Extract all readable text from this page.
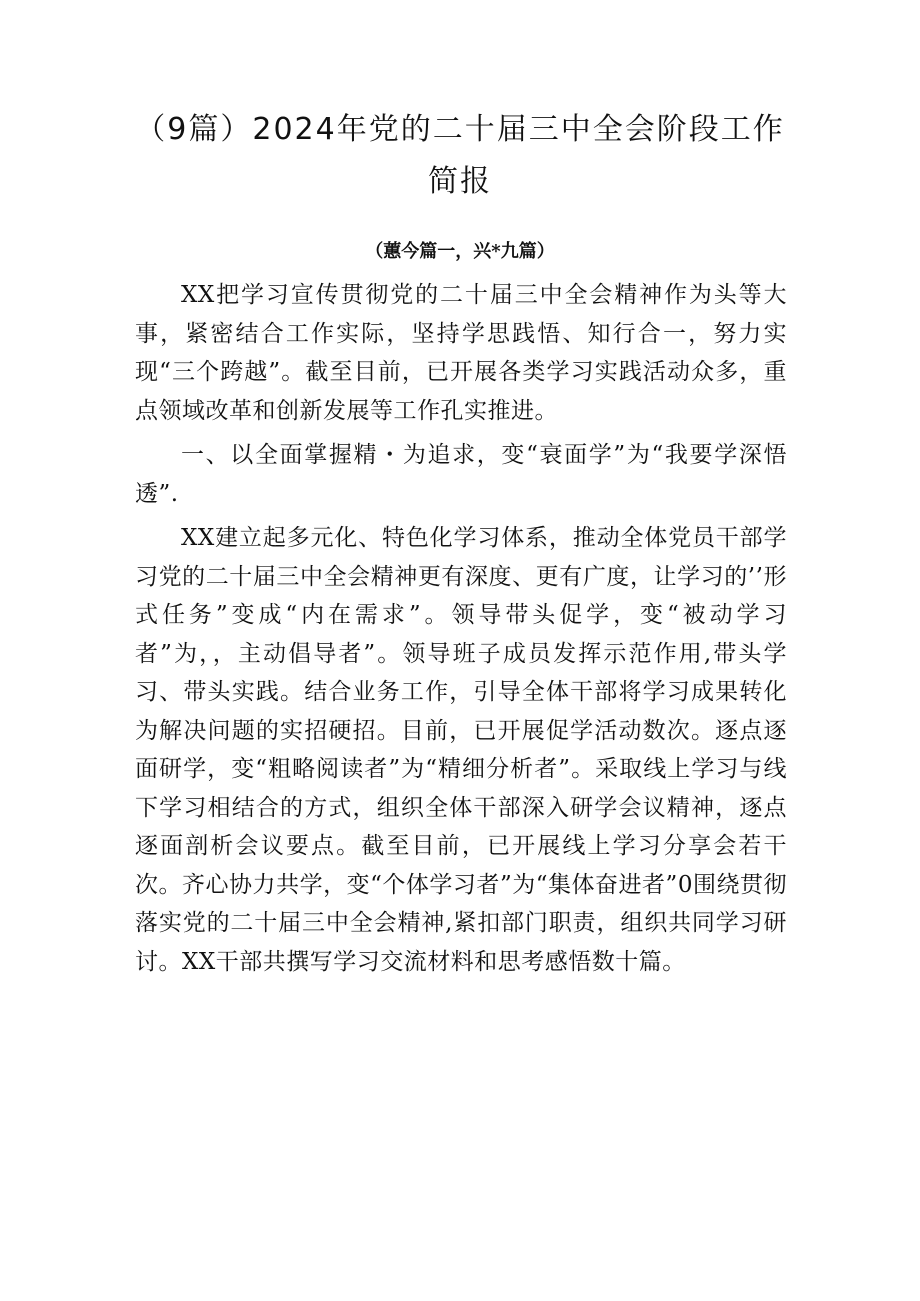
（9篇）2024年党的二十届三中全会阶段工作简报

（蕙今篇一，兴*九篇）

XX把学习宣传贯彻党的二十届三中全会精神作为头等大事，紧密结合工作实际，坚持学思践悟、知行合一，努力实现“三个跨越”。截至目前，已开展各类学习实践活动众多，重点领域改革和创新发展等工作孔实推进。

一、以全面掌握精・为追求，变“衰面学”为“我要学深悟透”.

XX建立起多元化、特色化学习体系，推动全体党员干部学习党的二十届三中全会精神更有深度、更有广度，让学习的’’形式任务”变成“内在需求”。领导带头促学，变“被动学习者”为，，主动倡导者”。领导班子成员发挥示范作用,带头学习、带头实践。结合业务工作，引导全体干部将学习成果转化为解决问题的实招硬招。目前，已开展促学活动数次。逐点逐面研学，变“粗略阅读者”为“精细分析者”。采取线上学习与线下学习相结合的方式，组织全体干部深入研学会议精神，逐点逐面剖析会议要点。截至目前，已开展线上学习分享会若干次。齐心协力共学，变“个体学习者”为“集体奋进者”0围绕贯彻落实党的二十届三中全会精神,紧扣部门职责，组织共同学习研讨。XX干部共撰写学习交流材料和思考感悟数十篇。
